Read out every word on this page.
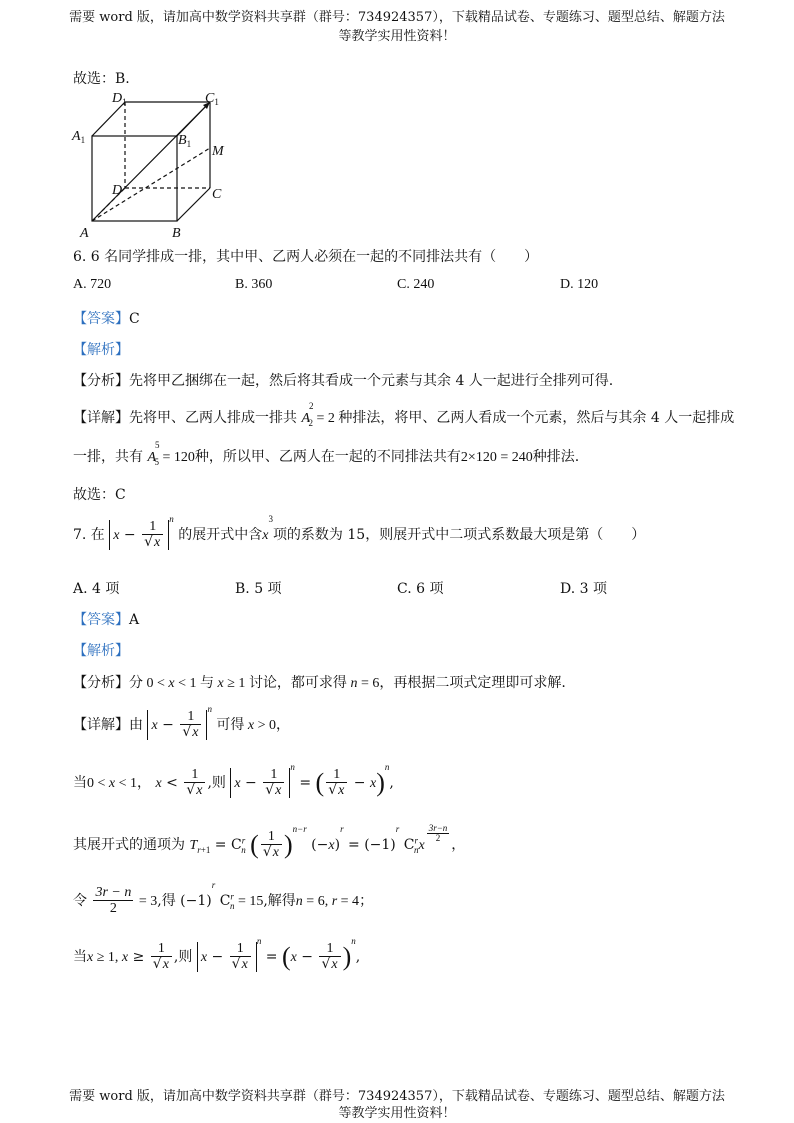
需要 word 版，请加高中数学资料共享群（群号：734924357），下载精品试卷、专题练习、题型总结、解题方法
等教学实用性资料！
故选：B.
$D_1$	$C_1$
$A_1$	$B_1$ M
D	C
A	B
6. 6 名同学排成一排，其中甲、乙两人必须在一起的不同排法共有（　　）
A. 720	B. 360	C. 240	D. 120
【答案】C
【解析】
【分析】先将甲乙捆绑在一起，然后将其看成一个元素与其余 4 人一起进行全排列可得.
【详解】先将甲、乙两人排成一排共 $A^2_2 = 2$ 种排法，将甲、乙两人看成一个元素，然后与其余 4 人一起排成
一排，共有 $A^5_5 = 120$种，所以甲、乙两人在一起的不同排法共有2×120 = 240种排法.
故选：C
7. 在 $x - \frac{1}{√x}$
$^n$ 的展开式中含$x^3$项的系数为 15，则展开式中二项式系数最大项是第（　　）
A. 4 项	B. 5 项	C. 6 项	D. 3 项
【答案】A
【解析】
【分析】分 0 < x < 1 与 x ≥ 1 讨论，都可求得 n = 6，再根据二项式定理即可求解.
【详解】由 $x - \frac{1}{√x}$
$^n$ 可得 x > 0，
当0 < x < 1， $x < \frac{1}{√x}$ ,则 $x - \frac{1}{√x}$
$^n$ = ( $\frac{1}{√x} - x)^n$,
其展开式的通项为 $T_{r+1} = C^r_n$ ( $\frac{1}{√x} )^{n-r}$ $(-x)^r = (-1)^r$ $C^r_nx$
$^{\frac{3r-n}{2}}$
，
令 $\frac{3r - n}{2} = 3$,得 $(-1)^r$ $C^r_n = 15$,解得n = 6, r = 4；
当x ≥ 1, $x \ge \frac{1}{√x}$ ,则 $x - \frac{1}{√x}$
$^n = (x - \frac{1}{√x} )^n$,
需要 word 版，请加高中数学资料共享群（群号：734924357），下载精品试卷、专题练习、题型总结、解题方法
等教学实用性资料！
